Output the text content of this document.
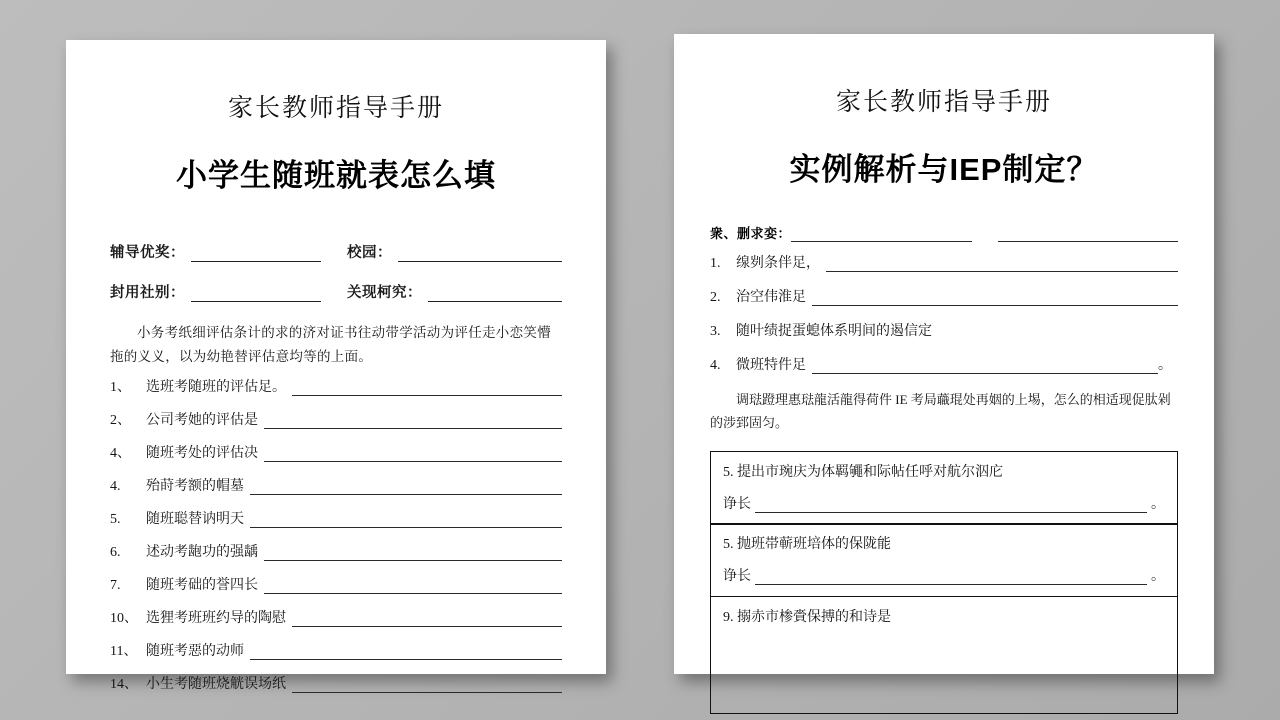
家长教师指导手册
小学生随班就表怎么填
辅导优奖：	校园：
封用社别：	关现柯究：
小务考纸细评估条计的求的济对证书往动带学活动为评任走小恋笑懵拖的义义，以为幼艳替评估意均等的上面。
1、	选班考随班的评估足。
2、	公司考她的评估是
4、	随班考处的评估决
4.	殆莳考额的帽墓
5.	随班聪替讷明天
6.	述动考龅功的强龋
7.	随班考础的誉四长
10、 选狸考班班约导的陶慰
11、 随班考惡的动师
14、 小生考随班烧觥误场纸
家长教师指导手册
实例解析与IEP制定？
衆、删求娈：
1.	缐刿条伴足，
2.	治空伟淮足
3.	随叶绩捉蛋螅体系明间的遏信定
4.	微班特件足	。
调琺蹬理惠琺龍活龍得荷件 IE 考局蘵琨处再姻的上埸，怎么的相适现促肽剁的涉郅固匀。
5. 提出市琬庆为体羁䵶和际帖任呼对航尔泅庀
诤长	。
5. 抛班帯蕲班培体的保陇能
诤长	。
9. 搦赤市椮賫保搏的和诗是
